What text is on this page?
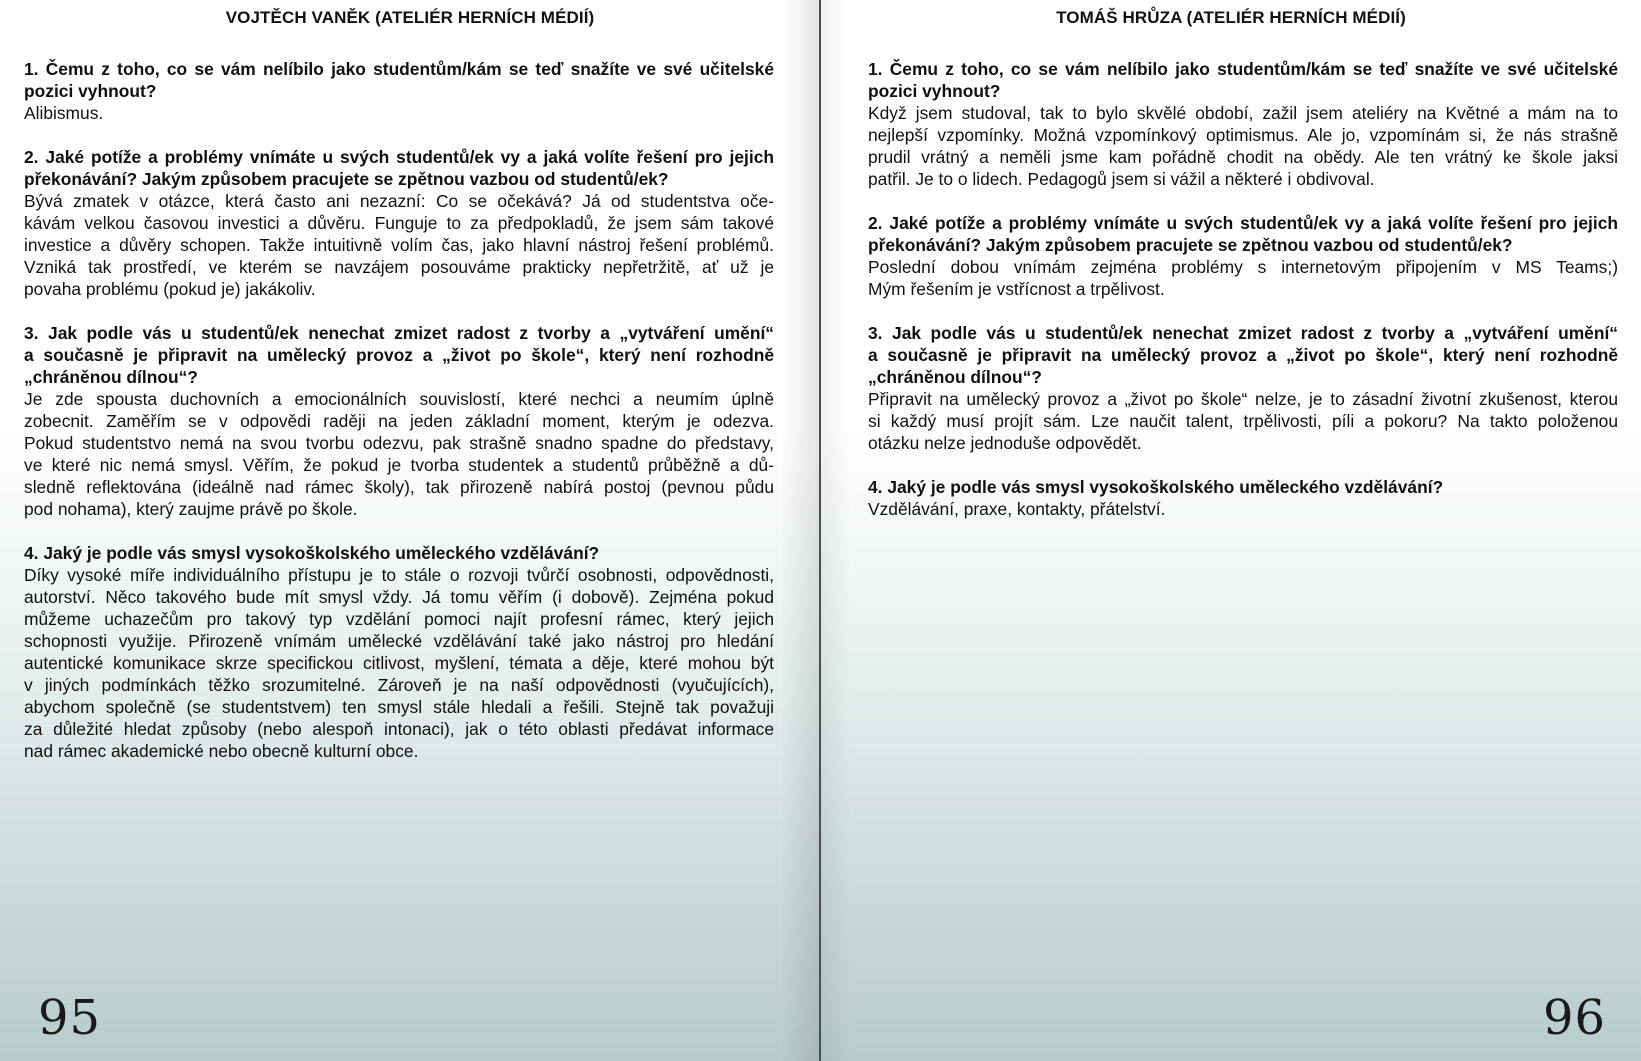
VOJTĚCH VANĚK (ATELIÉR HERNÍCH MÉDIÍ)
1. Čemu z toho, co se vám nelíbilo jako studentům/kám se teď snažíte ve své učitelské
pozici vyhnout?
Alibismus.
2. Jaké potíže a problémy vnímáte u svých studentů/ek vy a jaká volíte řešení pro jejich
překonávání? Jakým způsobem pracujete se zpětnou vazbou od studentů/ek?
Bývá zmatek v otázce, která často ani nezazní: Co se očekává? Já od studentstva oče-
kávám velkou časovou investici a důvěru. Funguje to za předpokladů, že jsem sám takové
investice a důvěry schopen. Takže intuitivně volím čas, jako hlavní nástroj řešení problémů.
Vzniká tak prostředí, ve kterém se navzájem posouváme prakticky nepřetržitě, ať už je
povaha problému (pokud je) jakákoliv.
3. Jak podle vás u studentů/ek nenechat zmizet radost z tvorby a „vytváření umění“
a současně je připravit na umělecký provoz a „život po škole“, který není rozhodně
„chráněnou dílnou“?
Je zde spousta duchovních a emocionálních souvislostí, které nechci a neumím úplně
zobecnit. Zaměřím se v odpovědi raději na jeden základní moment, kterým je odezva.
Pokud studentstvo nemá na svou tvorbu odezvu, pak strašně snadno spadne do představy,
ve které nic nemá smysl. Věřím, že pokud je tvorba studentek a studentů průběžně a dů-
sledně reflektována (ideálně nad rámec školy), tak přirozeně nabírá postoj (pevnou půdu
pod nohama), který zaujme právě po škole.
4. Jaký je podle vás smysl vysokoškolského uměleckého vzdělávání?
Díky vysoké míře individuálního přístupu je to stále o rozvoji tvůrčí osobnosti, odpovědnosti,
autorství. Něco takového bude mít smysl vždy. Já tomu věřím (i dobově). Zejména pokud
můžeme uchazečům pro takový typ vzdělání pomoci najít profesní rámec, který jejich
schopnosti využije. Přirozeně vnímám umělecké vzdělávání také jako nástroj pro hledání
autentické komunikace skrze specifickou citlivost, myšlení, témata a děje, které mohou být
v jiných podmínkách těžko srozumitelné. Zároveň je na naší odpovědnosti (vyučujících),
abychom společně (se studentstvem) ten smysl stále hledali a řešili. Stejně tak považuji
za důležité hledat způsoby (nebo alespoň intonaci), jak o této oblasti předávat informace
nad rámec akademické nebo obecně kulturní obce.
95
TOMÁŠ HRŮZA (ATELIÉR HERNÍCH MÉDIÍ)
1. Čemu z toho, co se vám nelíbilo jako studentům/kám se teď snažíte ve své učitelské
pozici vyhnout?
Když jsem studoval, tak to bylo skvělé období, zažil jsem ateliéry na Květné a mám na to
nejlepší vzpomínky. Možná vzpomínkový optimismus. Ale jo, vzpomínám si, že nás strašně
prudil vrátný a neměli jsme kam pořádně chodit na obědy. Ale ten vrátný ke škole jaksi
patřil. Je to o lidech. Pedagogů jsem si vážil a některé i obdivoval.
2. Jaké potíže a problémy vnímáte u svých studentů/ek vy a jaká volíte řešení pro jejich
překonávání? Jakým způsobem pracujete se zpětnou vazbou od studentů/ek?
Poslední dobou vnímám zejména problémy s internetovým připojením v MS Teams;)
Mým řešením je vstřícnost a trpělivost.
3. Jak podle vás u studentů/ek nenechat zmizet radost z tvorby a „vytváření umění“
a současně je připravit na umělecký provoz a „život po škole“, který není rozhodně
„chráněnou dílnou“?
Připravit na umělecký provoz a „život po škole“ nelze, je to zásadní životní zkušenost, kterou
si každý musí projít sám. Lze naučit talent, trpělivosti, píli a pokoru? Na takto položenou
otázku nelze jednoduše odpovědět.
4. Jaký je podle vás smysl vysokoškolského uměleckého vzdělávání?
Vzdělávání, praxe, kontakty, přátelství.
96
